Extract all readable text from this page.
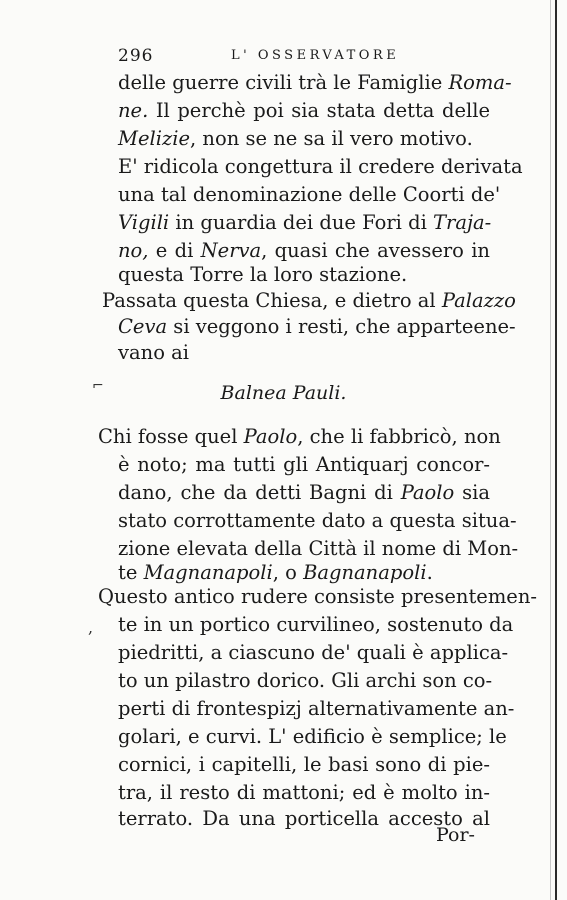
296	L' OSSERVATORE
delle guerre civili trà le Famiglie Roma-
ne. Il perchè poi sia stata detta delle
Melizie, non se ne sa il vero motivo.
E' ridicola congettura il credere derivata
una tal denominazione delle Coorti de'
Vigili in guardia dei due Fori di Traja-
no, e di Nerva, quasi che avessero in
questa Torre la loro stazione.
Passata questa Chiesa, e dietro al Palazzo
Ceva si veggono i resti, che apparteene-
vano ai
⌐	Balnea Pauli.
Chi fosse quel Paolo, che li fabbricò, non
è noto; ma tutti gli Antiquarj concor-
dano, che da detti Bagni di Paolo sia
stato corrottamente dato a questa situa-
zione elevata della Città il nome di Mon-
te Magnanapoli, o Bagnanapoli.
Questo antico rudere consiste presentemen-
te in un portico curvilineo, sostenuto da
piedritti, a ciascuno de' quali è applica-
to un pilastro dorico. Gli archi son co-
perti di frontespizj alternativamente an-
golari, e curvi. L' edificio è semplice; le
cornici, i capitelli, le basi sono di pie-
tra, il resto di mattoni; ed è molto in-
terrato. Da una porticella accesto al
,
Por-
